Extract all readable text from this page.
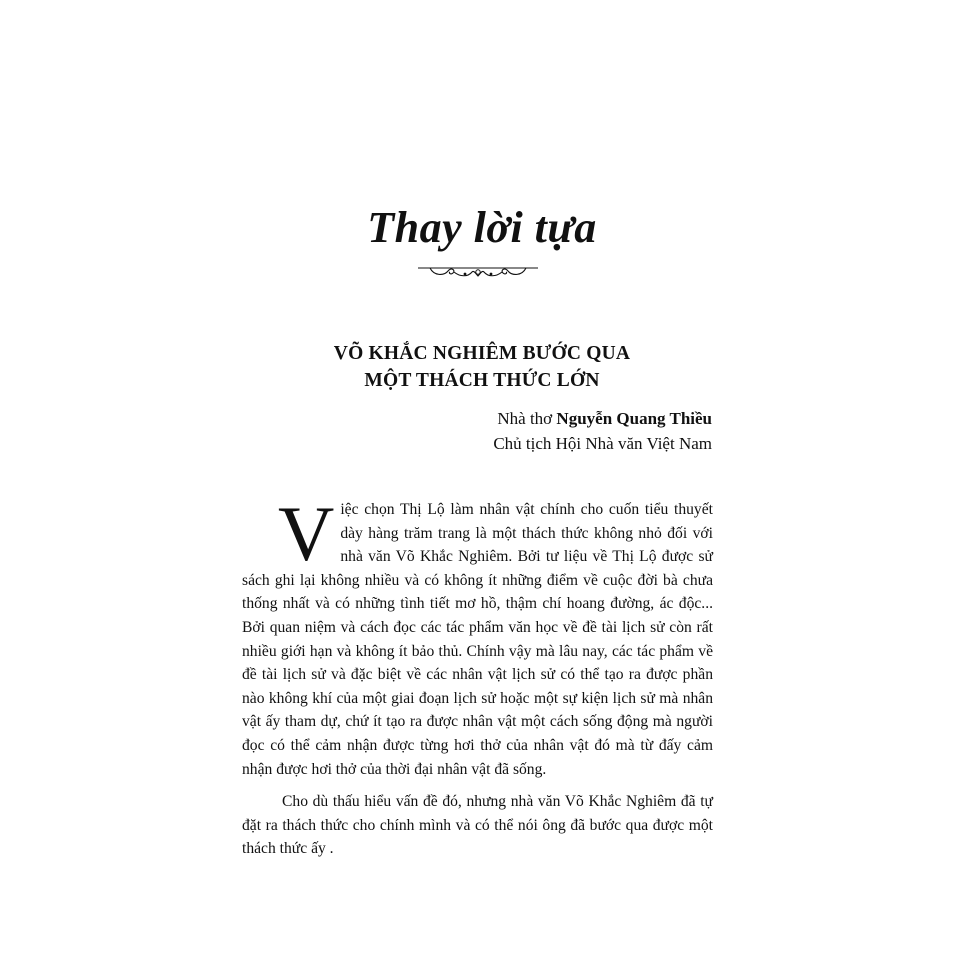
Thay lời tựa
VÕ KHẮC NGHIÊM BƯỚC QUA
MỘT THÁCH THỨC LỚN
Nhà thơ Nguyễn Quang Thiều
Chủ tịch Hội Nhà văn Việt Nam

Việc chọn Thị Lộ làm nhân vật chính cho cuốn tiểu thuyết dày hàng trăm trang là một thách thức không nhỏ đối với nhà văn Võ Khắc Nghiêm. Bởi tư liệu về Thị Lộ được sử sách ghi lại không nhiều và có không ít những điểm về cuộc đời bà chưa thống nhất và có những tình tiết mơ hồ, thậm chí hoang đường, ác độc... Bởi quan niệm và cách đọc các tác phẩm văn học về đề tài lịch sử còn rất nhiều giới hạn và không ít bảo thủ. Chính vậy mà lâu nay, các tác phẩm về đề tài lịch sử và đặc biệt về các nhân vật lịch sử có thể tạo ra được phần nào không khí của một giai đoạn lịch sử hoặc một sự kiện lịch sử mà nhân vật ấy tham dự, chứ ít tạo ra được nhân vật một cách sống động mà người đọc có thể cảm nhận được từng hơi thở của nhân vật đó mà từ đấy cảm nhận được hơi thở của thời đại nhân vật đã sống.

Cho dù thấu hiểu vấn đề đó, nhưng nhà văn Võ Khắc Nghiêm đã tự đặt ra thách thức cho chính mình và có thể nói ông đã bước qua được một thách thức ấy .
